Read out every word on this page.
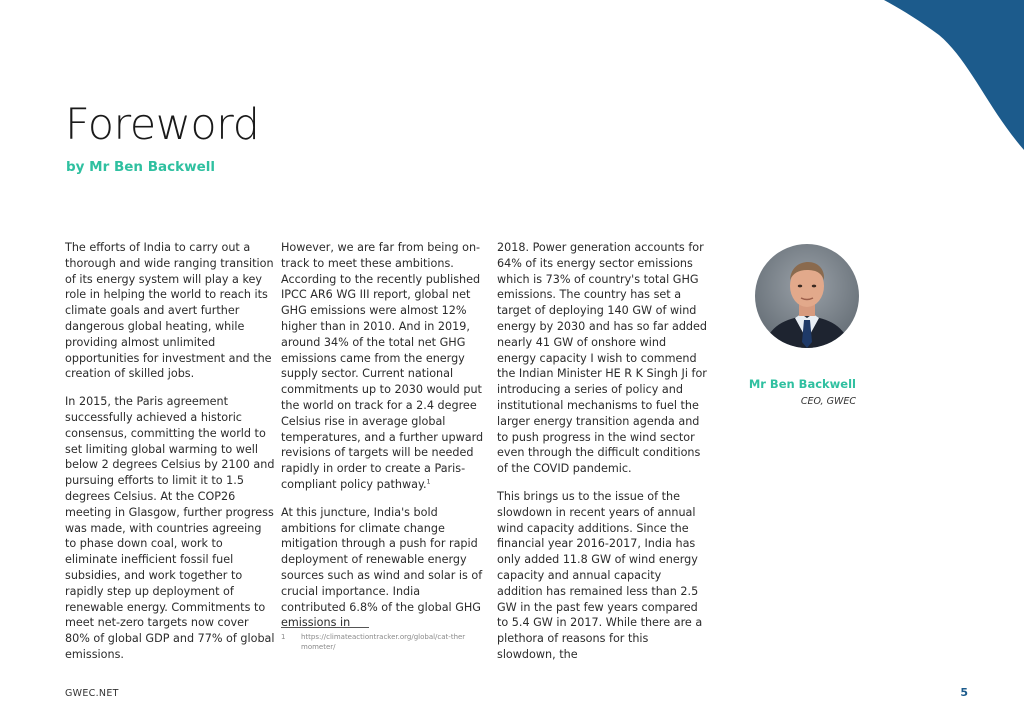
Foreword
by Mr Ben Backwell

The efforts of India to carry out a thorough and wide ranging transition of its energy system will play a key role in helping the world to reach its climate goals and avert further dangerous global heating, while providing almost unlimited opportunities for investment and the creation of skilled jobs.

In 2015, the Paris agreement successfully achieved a historic consensus, committing the world to set limiting global warming to well below 2 degrees Celsius by 2100 and pursuing efforts to limit it to 1.5 degrees Celsius. At the COP26 meeting in Glasgow, further progress was made, with countries agreeing to phase down coal, work to eliminate inefficient fossil fuel subsidies, and work together to rapidly step up deployment of renewable energy. Commitments to meet net-zero targets now cover 80% of global GDP and 77% of global emissions.

However, we are far from being on-track to meet these ambitions. According to the recently published IPCC AR6 WG III report, global net GHG emissions were almost 12% higher than in 2010. And in 2019, around 34% of the total net GHG emissions came from the energy supply sector. Current national commitments up to 2030 would put the world on track for a 2.4 degree Celsius rise in average global temperatures, and a further upward revisions of targets will be needed rapidly in order to create a Paris-compliant policy pathway.$^1$

At this juncture, India's bold ambitions for climate change mitigation through a push for rapid deployment of renewable energy sources such as wind and solar is of crucial importance. India contributed 6.8% of the global GHG emissions in

2018. Power generation accounts for 64% of its energy sector emissions which is 73% of country's total GHG emissions. The country has set a target of deploying 140 GW of wind energy by 2030 and has so far added nearly 41 GW of onshore wind energy capacity I wish to commend the Indian Minister HE R K Singh Ji for introducing a series of policy and institutional mechanisms to fuel the larger energy transition agenda and to push progress in the wind sector even through the difficult conditions of the COVID pandemic.

This brings us to the issue of the slowdown in recent years of annual wind capacity additions. Since the financial year 2016-2017, India has only added 11.8 GW of wind energy capacity and annual capacity addition has remained less than 2.5 GW in the past few years compared to 5.4 GW in 2017. While there are a plethora of reasons for this slowdown, the

1 https://climateactiontracker.org/global/cat-thermometer/
Mr Ben Backwell
CEO, GWEC
GWEC.NET	5
